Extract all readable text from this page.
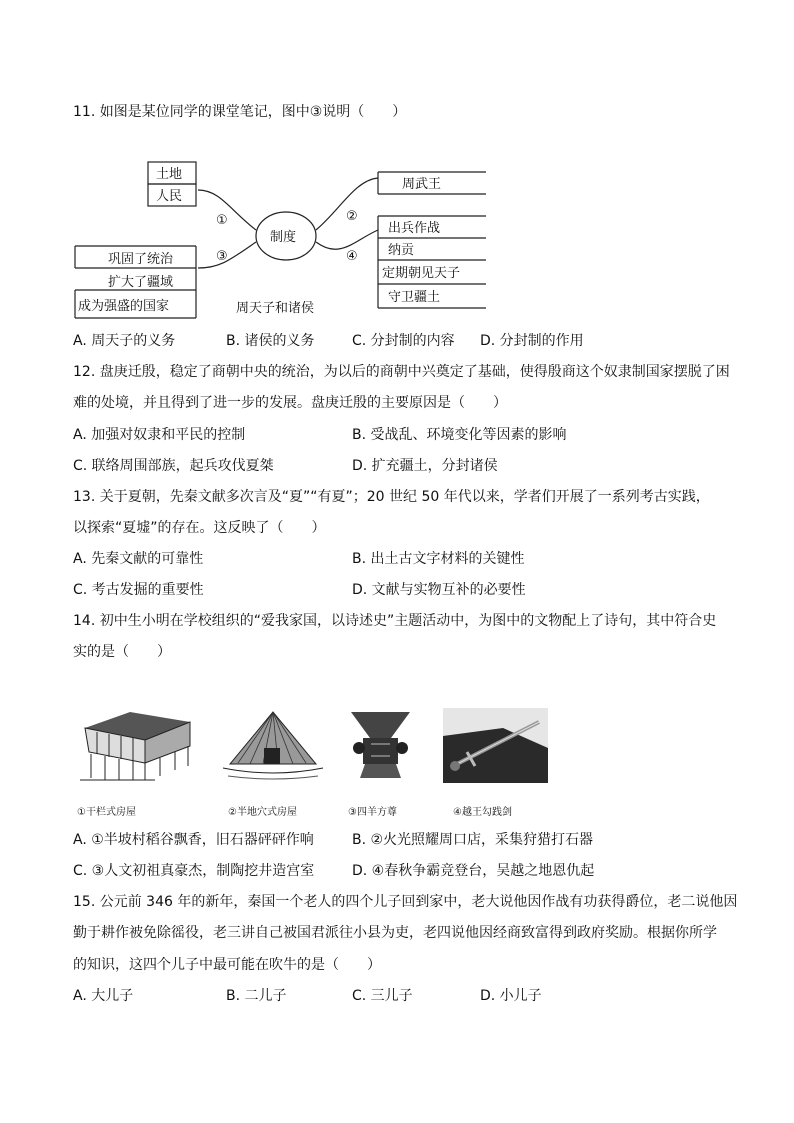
11. 如图是某位同学的课堂笔记，图中③说明（　　）
土地
人民
巩固了统治
扩大了疆域
成为强盛的国家
制度
周武王
出兵作战
纳贡
定期朝见天子
守卫疆土
①	②
③	④
周天子和诸侯
A. 周天子的义务	B. 诸侯的义务	C. 分封制的内容 D. 分封制的作用
12. 盘庚迁殷，稳定了商朝中央的统治，为以后的商朝中兴奠定了基础，使得殷商这个奴隶制国家摆脱了困
难的处境，并且得到了进一步的发展。盘庚迁殷的主要原因是（　　）
A. 加强对奴隶和平民的控制	B. 受战乱、环境变化等因素的影响
C. 联络周围部族，起兵攻伐夏桀	D. 扩充疆土，分封诸侯
13. 关于夏朝，先秦文献多次言及“夏”“有夏”；20 世纪 50 年代以来，学者们开展了一系列考古实践，
以探索“夏墟”的存在。这反映了（　　）
A. 先秦文献的可靠性	B. 出土古文字材料的关键性
C. 考古发掘的重要性	D. 文献与实物互补的必要性
14. 初中生小明在学校组织的“爱我家国，以诗述史”主题活动中，为图中的文物配上了诗句，其中符合史
实的是（　　）
①干栏式房屋	②半地穴式房屋	③四羊方尊	④越王勾践剑
A. ①半坡村稻谷飘香，旧石器砰砰作响	B. ②火光照耀周口店，采集狩猎打石器
C. ③人文初祖真豪杰，制陶挖井造宫室	D. ④春秋争霸竞登台，吴越之地恩仇起
15. 公元前 346 年的新年，秦国一个老人的四个儿子回到家中，老大说他因作战有功获得爵位，老二说他因
勤于耕作被免除徭役，老三讲自己被国君派往小县为吏，老四说他因经商致富得到政府奖励。根据你所学
的知识，这四个儿子中最可能在吹牛的是（　　）
A. 大儿子	B. 二儿子	C. 三儿子	D. 小儿子
